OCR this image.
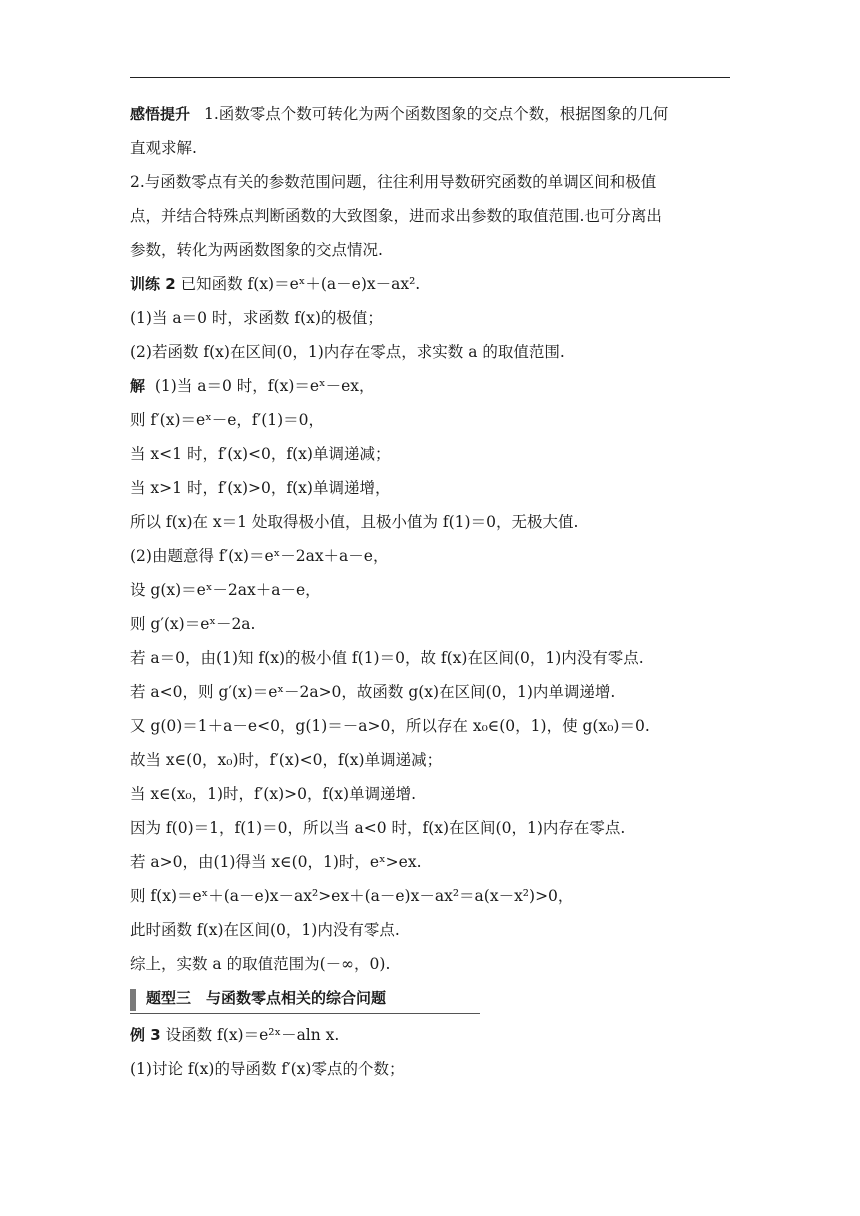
感悟提升 1.函数零点个数可转化为两个函数图象的交点个数，根据图象的几何
直观求解.
2.与函数零点有关的参数范围问题，往往利用导数研究函数的单调区间和极值
点，并结合特殊点判断函数的大致图象，进而求出参数的取值范围.也可分离出
参数，转化为两函数图象的交点情况.
训练 2 已知函数 f(x)＝eˣ＋(a－e)x－ax².
(1)当 a＝0 时，求函数 f(x)的极值；
(2)若函数 f(x)在区间(0，1)内存在零点，求实数 a 的取值范围.
解 (1)当 a＝0 时，f(x)＝eˣ－ex，
则 f′(x)＝eˣ－e，f′(1)＝0，
当 x<1 时，f′(x)<0，f(x)单调递减；
当 x>1 时，f′(x)>0，f(x)单调递增，
所以 f(x)在 x＝1 处取得极小值，且极小值为 f(1)＝0，无极大值.
(2)由题意得 f′(x)＝eˣ－2ax＋a－e，
设 g(x)＝eˣ－2ax＋a－e，
则 g′(x)＝eˣ－2a.
若 a＝0，由(1)知 f(x)的极小值 f(1)＝0，故 f(x)在区间(0，1)内没有零点.
若 a<0，则 g′(x)＝eˣ－2a>0，故函数 g(x)在区间(0，1)内单调递增.
又 g(0)＝1＋a－e<0，g(1)＝－a>0，所以存在 x₀∈(0，1)，使 g(x₀)＝0.
故当 x∈(0，x₀)时，f′(x)<0，f(x)单调递减；
当 x∈(x₀，1)时，f′(x)>0，f(x)单调递增.
因为 f(0)＝1，f(1)＝0，所以当 a<0 时，f(x)在区间(0，1)内存在零点.
若 a>0，由(1)得当 x∈(0，1)时，eˣ>ex.
则 f(x)＝eˣ＋(a－e)x－ax²>ex＋(a－e)x－ax²＝a(x－x²)>0，
此时函数 f(x)在区间(0，1)内没有零点.
综上，实数 a 的取值范围为(－∞，0).
题型三　与函数零点相关的综合问题
例 3 设函数 f(x)＝e²ˣ－aln x.
(1)讨论 f(x)的导函数 f′(x)零点的个数；
